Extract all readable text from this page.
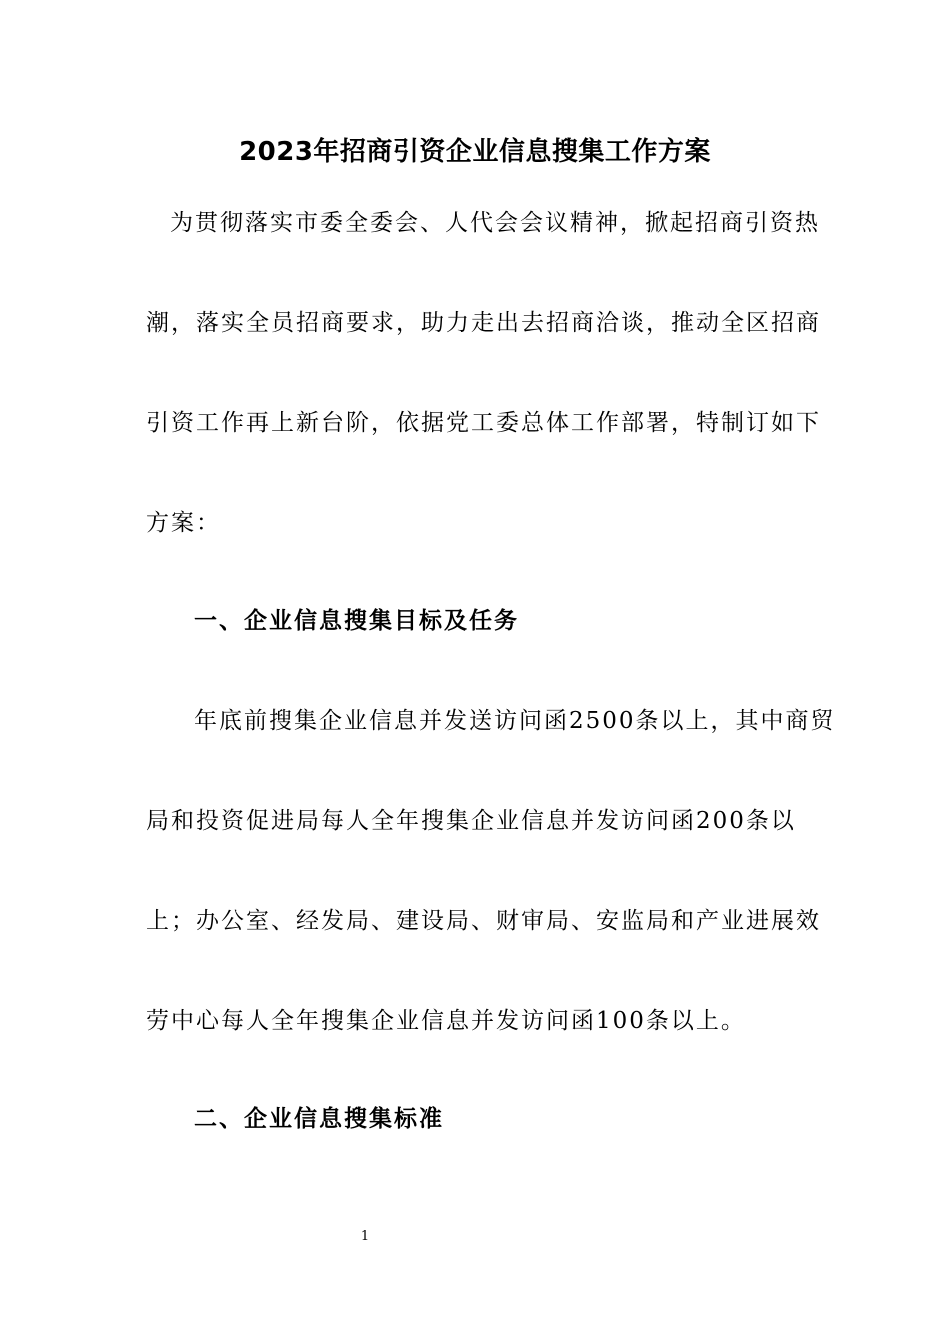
2023年招商引资企业信息搜集工作方案
为贯彻落实市委全委会、人代会会议精神，掀起招商引资热
潮，落实全员招商要求，助力走出去招商洽谈，推动全区招商
引资工作再上新台阶，依据党工委总体工作部署，特制订如下
方案：
一、企业信息搜集目标及任务
年底前搜集企业信息并发送访问函2500条以上，其中商贸
局和投资促进局每人全年搜集企业信息并发访问函200条以
上；办公室、经发局、建设局、财审局、安监局和产业进展效
劳中心每人全年搜集企业信息并发访问函100条以上。
二、企业信息搜集标准
1
